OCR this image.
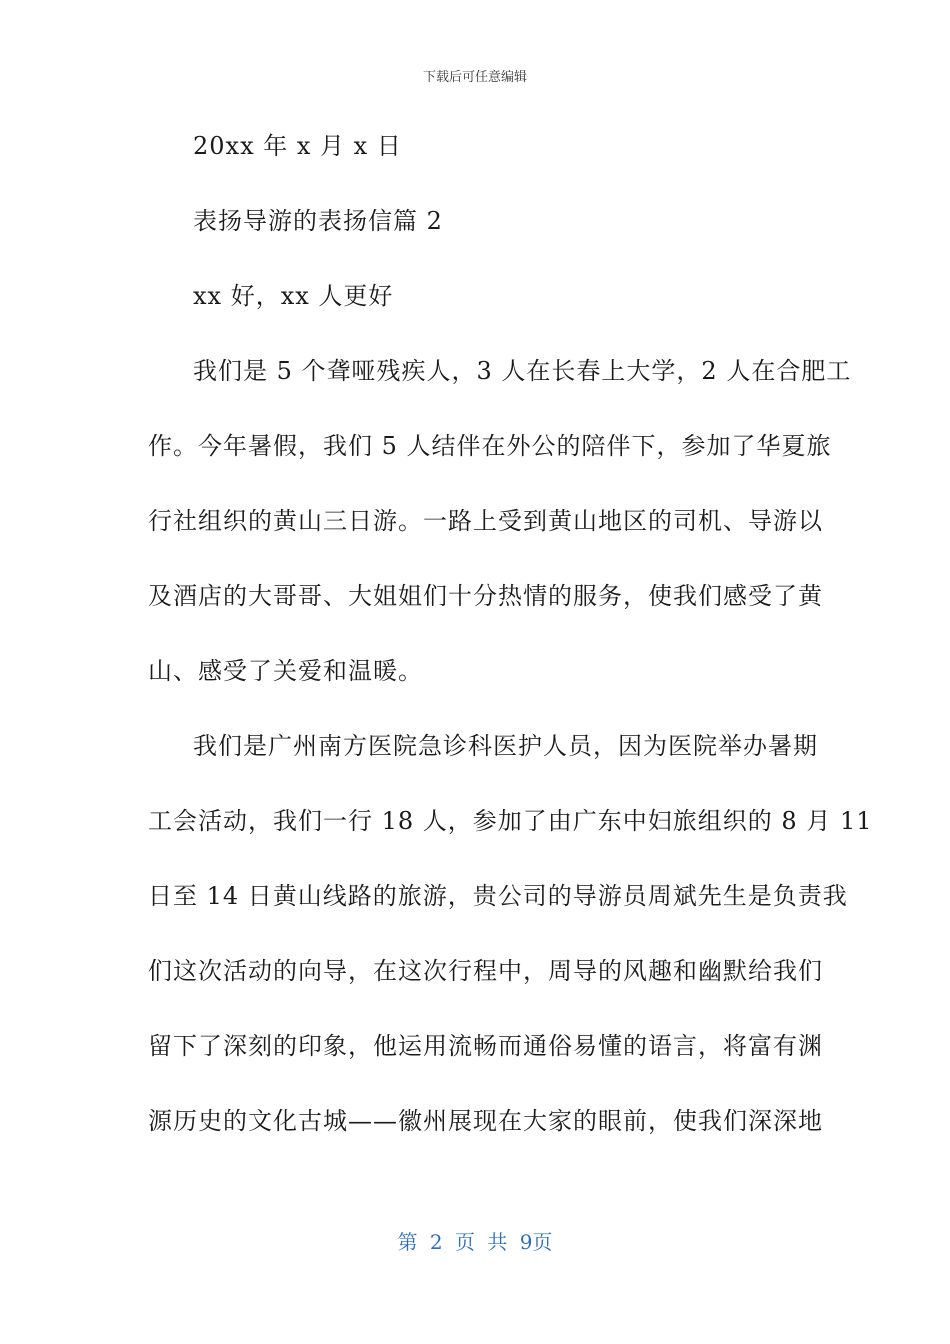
下载后可任意编辑
20xx 年 x 月 x 日
表扬导游的表扬信篇 2
xx 好，xx 人更好
我们是 5 个聋哑残疾人，3 人在长春上大学，2 人在合肥工
作。今年暑假，我们 5 人结伴在外公的陪伴下，参加了华夏旅
行社组织的黄山三日游。一路上受到黄山地区的司机、导游以
及酒店的大哥哥、大姐姐们十分热情的服务，使我们感受了黄
山、感受了关爱和温暖。
我们是广州南方医院急诊科医护人员，因为医院举办暑期
工会活动，我们一行 18 人，参加了由广东中妇旅组织的 8 月 11
日至 14 日黄山线路的旅游，贵公司的导游员周斌先生是负责我
们这次活动的向导，在这次行程中，周导的风趣和幽默给我们
留下了深刻的印象，他运用流畅而通俗易懂的语言，将富有渊
源历史的文化古城——徽州展现在大家的眼前，使我们深深地
第 2 页 共 9页
